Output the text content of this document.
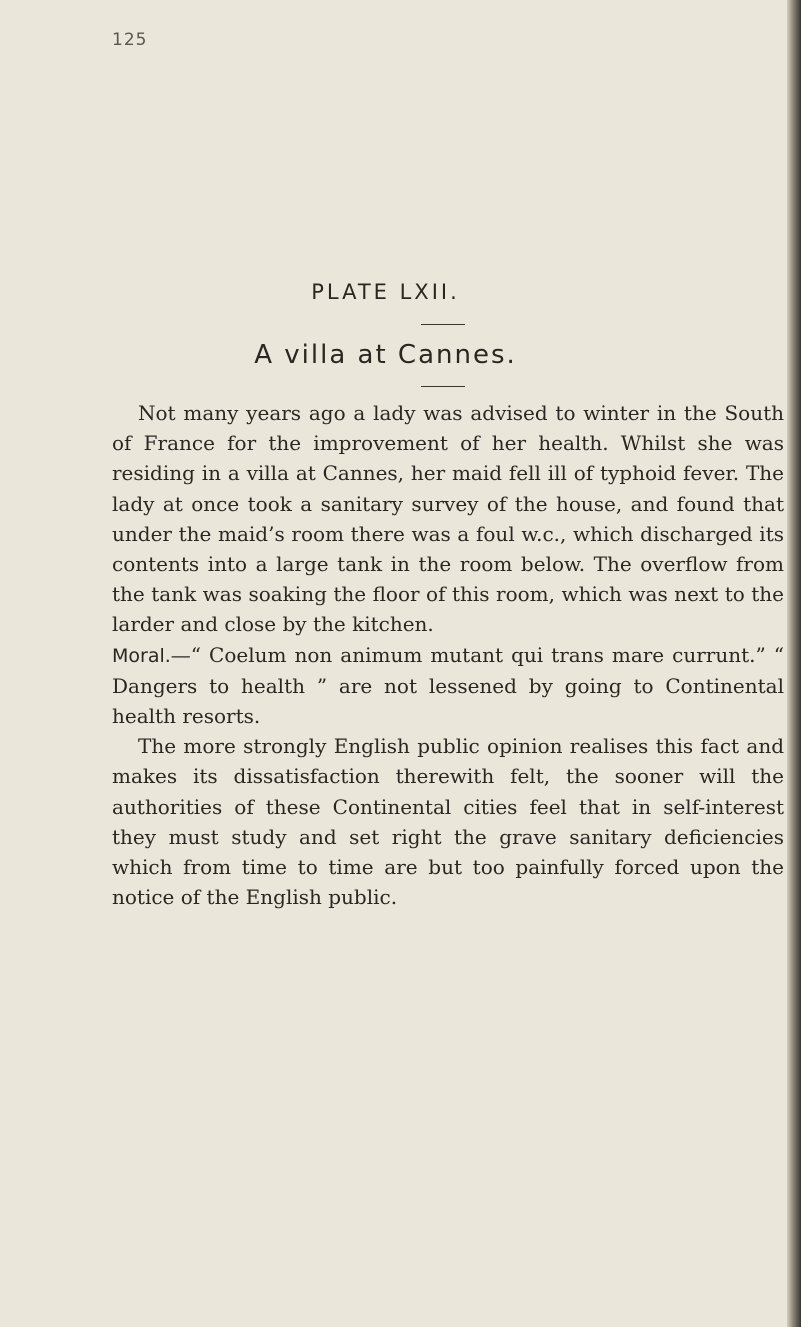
125
PLATE LXII.
A villa at Cannes.

Not many years ago a lady was advised to winter in the South of France for the improvement of her health. Whilst she was residing in a villa at Cannes, her maid fell ill of typhoid fever. The lady at once took a sanitary survey of the house, and found that under the maid’s room there was a foul w.c., which discharged its contents into a large tank in the room below. The overflow from the tank was soaking the floor of this room, which was next to the larder and close by the kitchen.

Moral.—“ Coelum non animum mutant qui trans mare currunt.” “ Dangers to health ” are not lessened by going to Continental health resorts.

The more strongly English public opinion realises this fact and makes its dissatisfaction therewith felt, the sooner will the authorities of these Continental cities feel that in self-interest they must study and set right the grave sanitary deficiencies which from time to time are but too painfully forced upon the notice of the English public.
